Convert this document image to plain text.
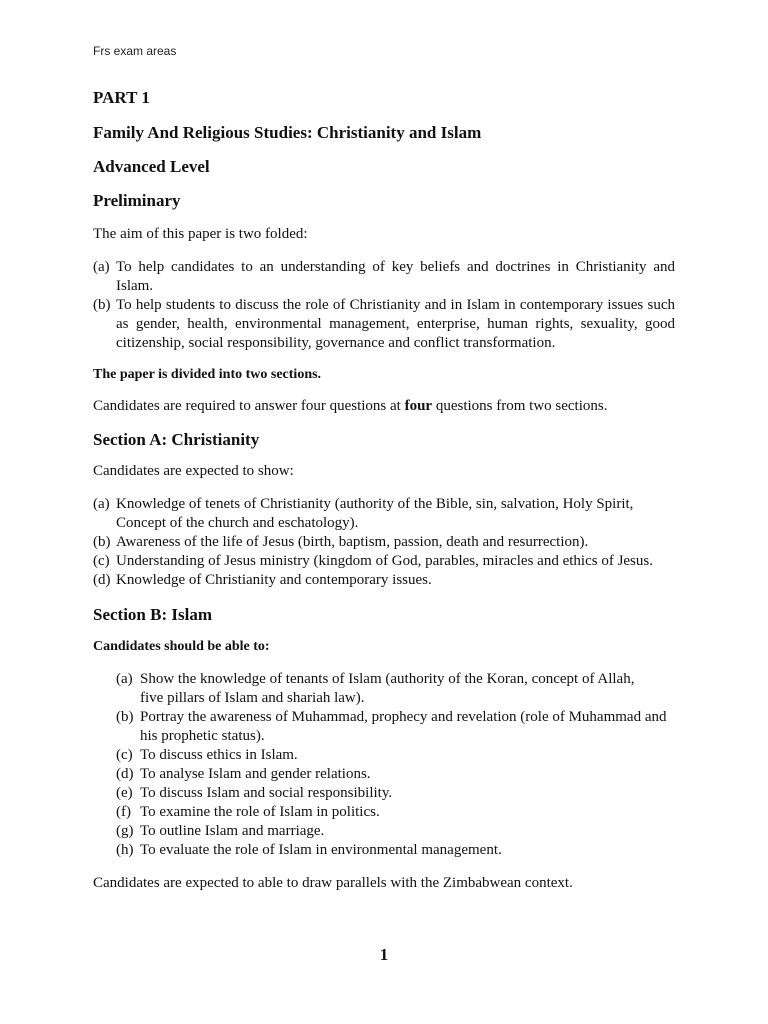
Frs exam areas
PART 1
Family And Religious Studies: Christianity and Islam
Advanced Level
Preliminary
The aim of this paper is two folded:
(a) To help candidates to an understanding of key beliefs and doctrines in Christianity and Islam.
(b) To help students to discuss the role of Christianity and in Islam in contemporary issues such as gender, health, environmental management, enterprise, human rights, sexuality, good citizenship, social responsibility, governance and conflict transformation.
The paper is divided into two sections.
Candidates are required to answer four questions at four questions from two sections.
Section A: Christianity
Candidates are expected to show:
(a) Knowledge of tenets of Christianity (authority of the Bible, sin, salvation, Holy Spirit, Concept of the church and eschatology).
(b) Awareness of the life of Jesus (birth, baptism, passion, death and resurrection).
(c) Understanding of Jesus ministry (kingdom of God, parables, miracles and ethics of Jesus.
(d) Knowledge of Christianity and contemporary issues.
Section B: Islam
Candidates should be able to:
(a) Show the knowledge of tenants of Islam (authority of the Koran, concept of Allah, five pillars of Islam and shariah law).
(b) Portray the awareness of Muhammad, prophecy and revelation (role of Muhammad and his prophetic status).
(c) To discuss ethics in Islam.
(d) To analyse Islam and gender relations.
(e) To discuss Islam and social responsibility.
(f) To examine the role of Islam in politics.
(g) To outline Islam and marriage.
(h) To evaluate the role of Islam in environmental management.
Candidates are expected to able to draw parallels with the Zimbabwean context.
1
